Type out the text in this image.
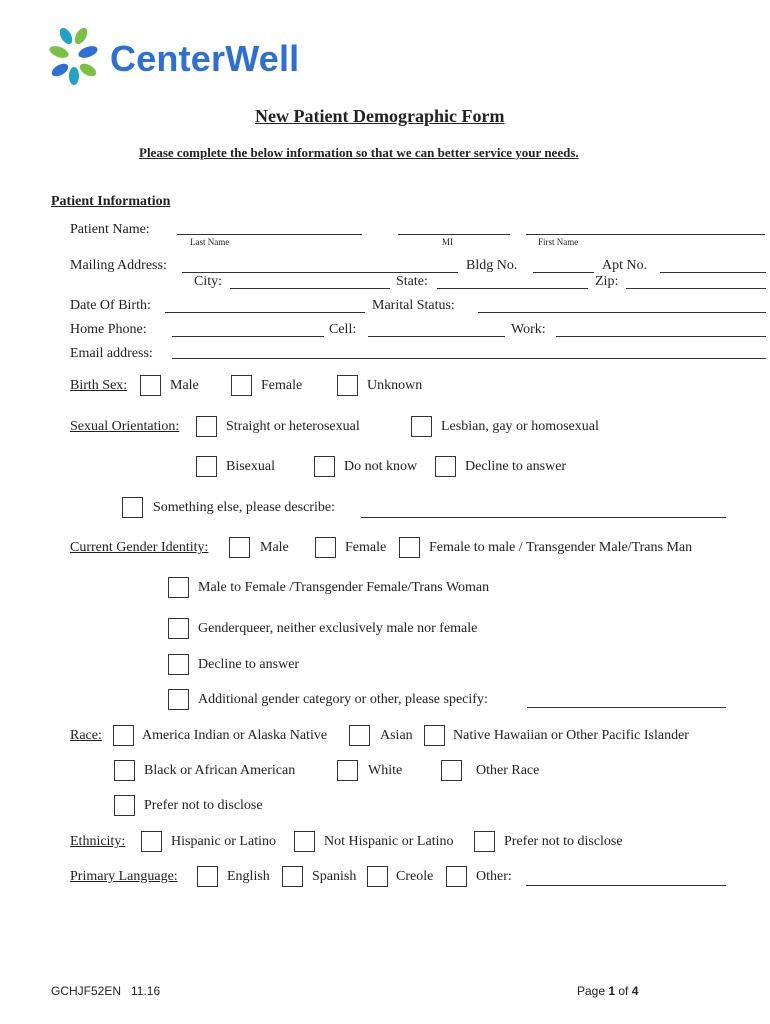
CenterWell
New Patient Demographic Form
Please complete the below information so that we can better service your needs.
Patient Information
Patient Name:
Last Name	MI	First Name
Mailing Address:	Bldg No.	Apt No.
City:	State:	Zip:
Date Of Birth:	Marital Status:
Home Phone:	Cell:	Work:
Email address:
Birth Sex:	Male	Female	Unknown
Sexual Orientation:	Straight or heterosexual	Lesbian, gay or homosexual
Bisexual	Do not know	Decline to answer
Something else, please describe:
Current Gender Identity:	Male	Female	Female to male / Transgender Male/Trans Man
Male to Female /Transgender Female/Trans Woman
Genderqueer, neither exclusively male nor female
Decline to answer
Additional gender category or other, please specify:
Race:	America Indian or Alaska Native	Asian	Native Hawaiian or Other Pacific Islander
Black or African American	White	Other Race
Prefer not to disclose
Ethnicity:	Hispanic or Latino	Not Hispanic or Latino	Prefer not to disclose
Primary Language:	English	Spanish	Creole	Other:
GCHJF52EN   11.16	Page 1 of 4
